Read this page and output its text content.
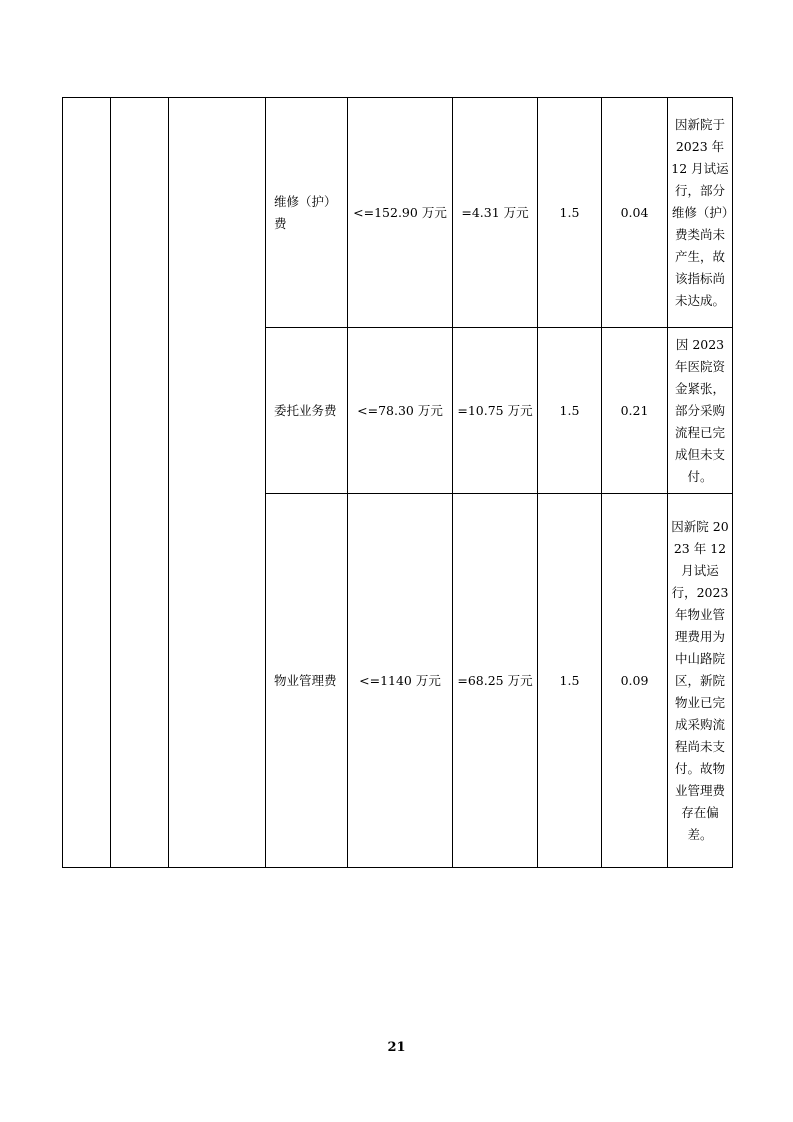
			维修（护）费	<=152.90 万元	=4.31 万元	1.5	0.04	因新院于 2023 年 12 月试运行，部分维修（护）费类尚未产生，故该指标尚未达成。
			委托业务费	<=78.30 万元	=10.75 万元	1.5	0.21	因 2023 年医院资金紧张，部分采购流程已完成但未支付。
			物业管理费	<=1140 万元	=68.25 万元	1.5	0.09	因新院 2023 年 12 月试运行，2023 年物业管理费用为中山路院区，新院物业已完成采购流程尚未支付。故物业管理费存在偏差。
21
